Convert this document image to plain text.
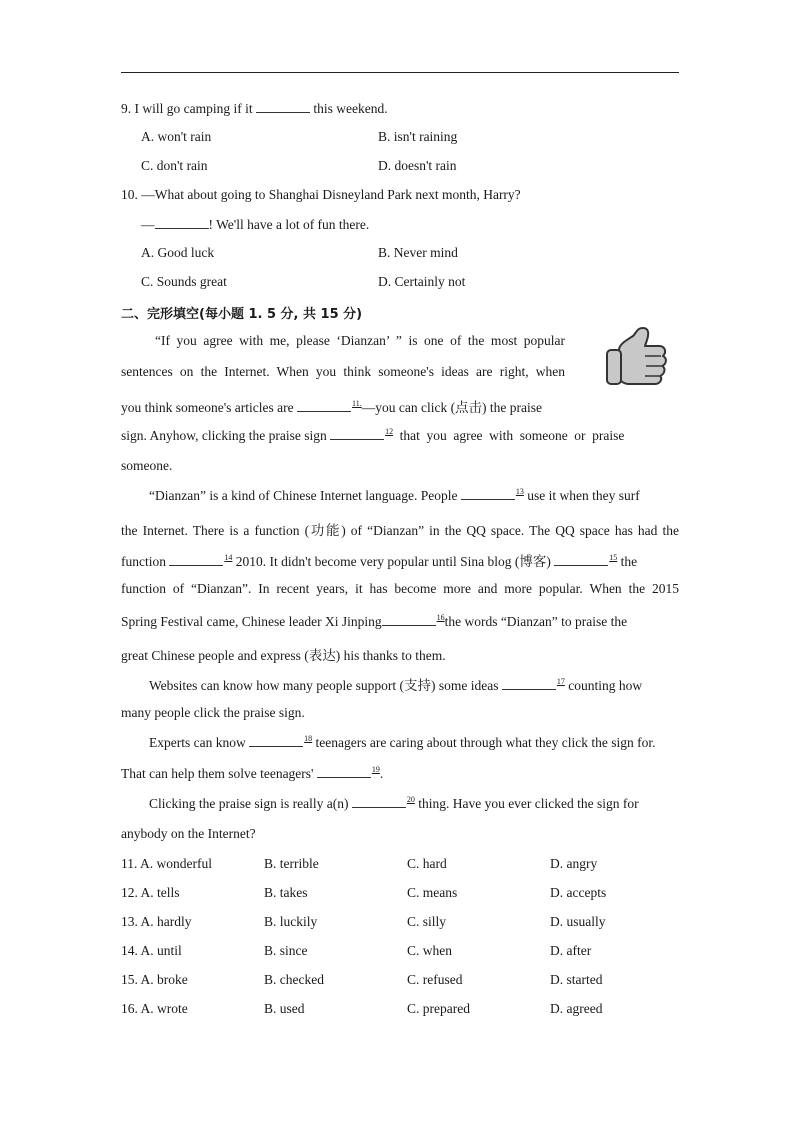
9. I will go camping if it	this weekend.
A. won't rain	B. isn't raining
C. don't rain	D. doesn't rain
10. —What about going to Shanghai Disneyland Park next month, Harry?
—	! We'll have a lot of fun there.
A. Good luck	B. Never mind
C. Sounds great	D. Certainly not
二、完形填空(每小题 1. 5 分, 共 15 分)
“If you agree with me, please ‘Dianzan’ ” is one of the most popular
sentences on the Internet. When you think someone's ideas are right, when
you think someone's articles are	$^{11.}$—you can click (点击) the praise
sign. Anyhow, clicking the praise sign	$^{12}$ that you agree with someone or praise
someone.
“Dianzan” is a kind of Chinese Internet language. People	$^{13}$ use it when they surf
the Internet. There is a function (功能) of “Dianzan” in the QQ space. The QQ space has had the
function	$^{14}$ 2010. It didn't become very popular until Sina blog (博客)	$^{15}$ the
function of “Dianzan”. In recent years, it has become more and more popular. When the 2015
Spring Festival came, Chinese leader Xi Jinping	$^{16}$the words “Dianzan” to praise the
great Chinese people and express (表达) his thanks to them.
Websites can know how many people support (支持) some ideas	$^{17}$ counting how
many people click the praise sign.
Experts can know	$^{18}$ teenagers are caring about through what they click the sign for.
That can help them solve teenagers'	$^{19}$.
Clicking the praise sign is really a(n)	$^{20}$ thing. Have you ever clicked the sign for
anybody on the Internet?
11. A. wonderful	B. terrible	C. hard	D. angry
12. A. tells	B. takes	C. means	D. accepts
13. A. hardly	B. luckily	C. silly	D. usually
14. A. until	B. since	C. when	D. after
15. A. broke	B. checked	C. refused	D. started
16. A. wrote	B. used	C. prepared	D. agreed
